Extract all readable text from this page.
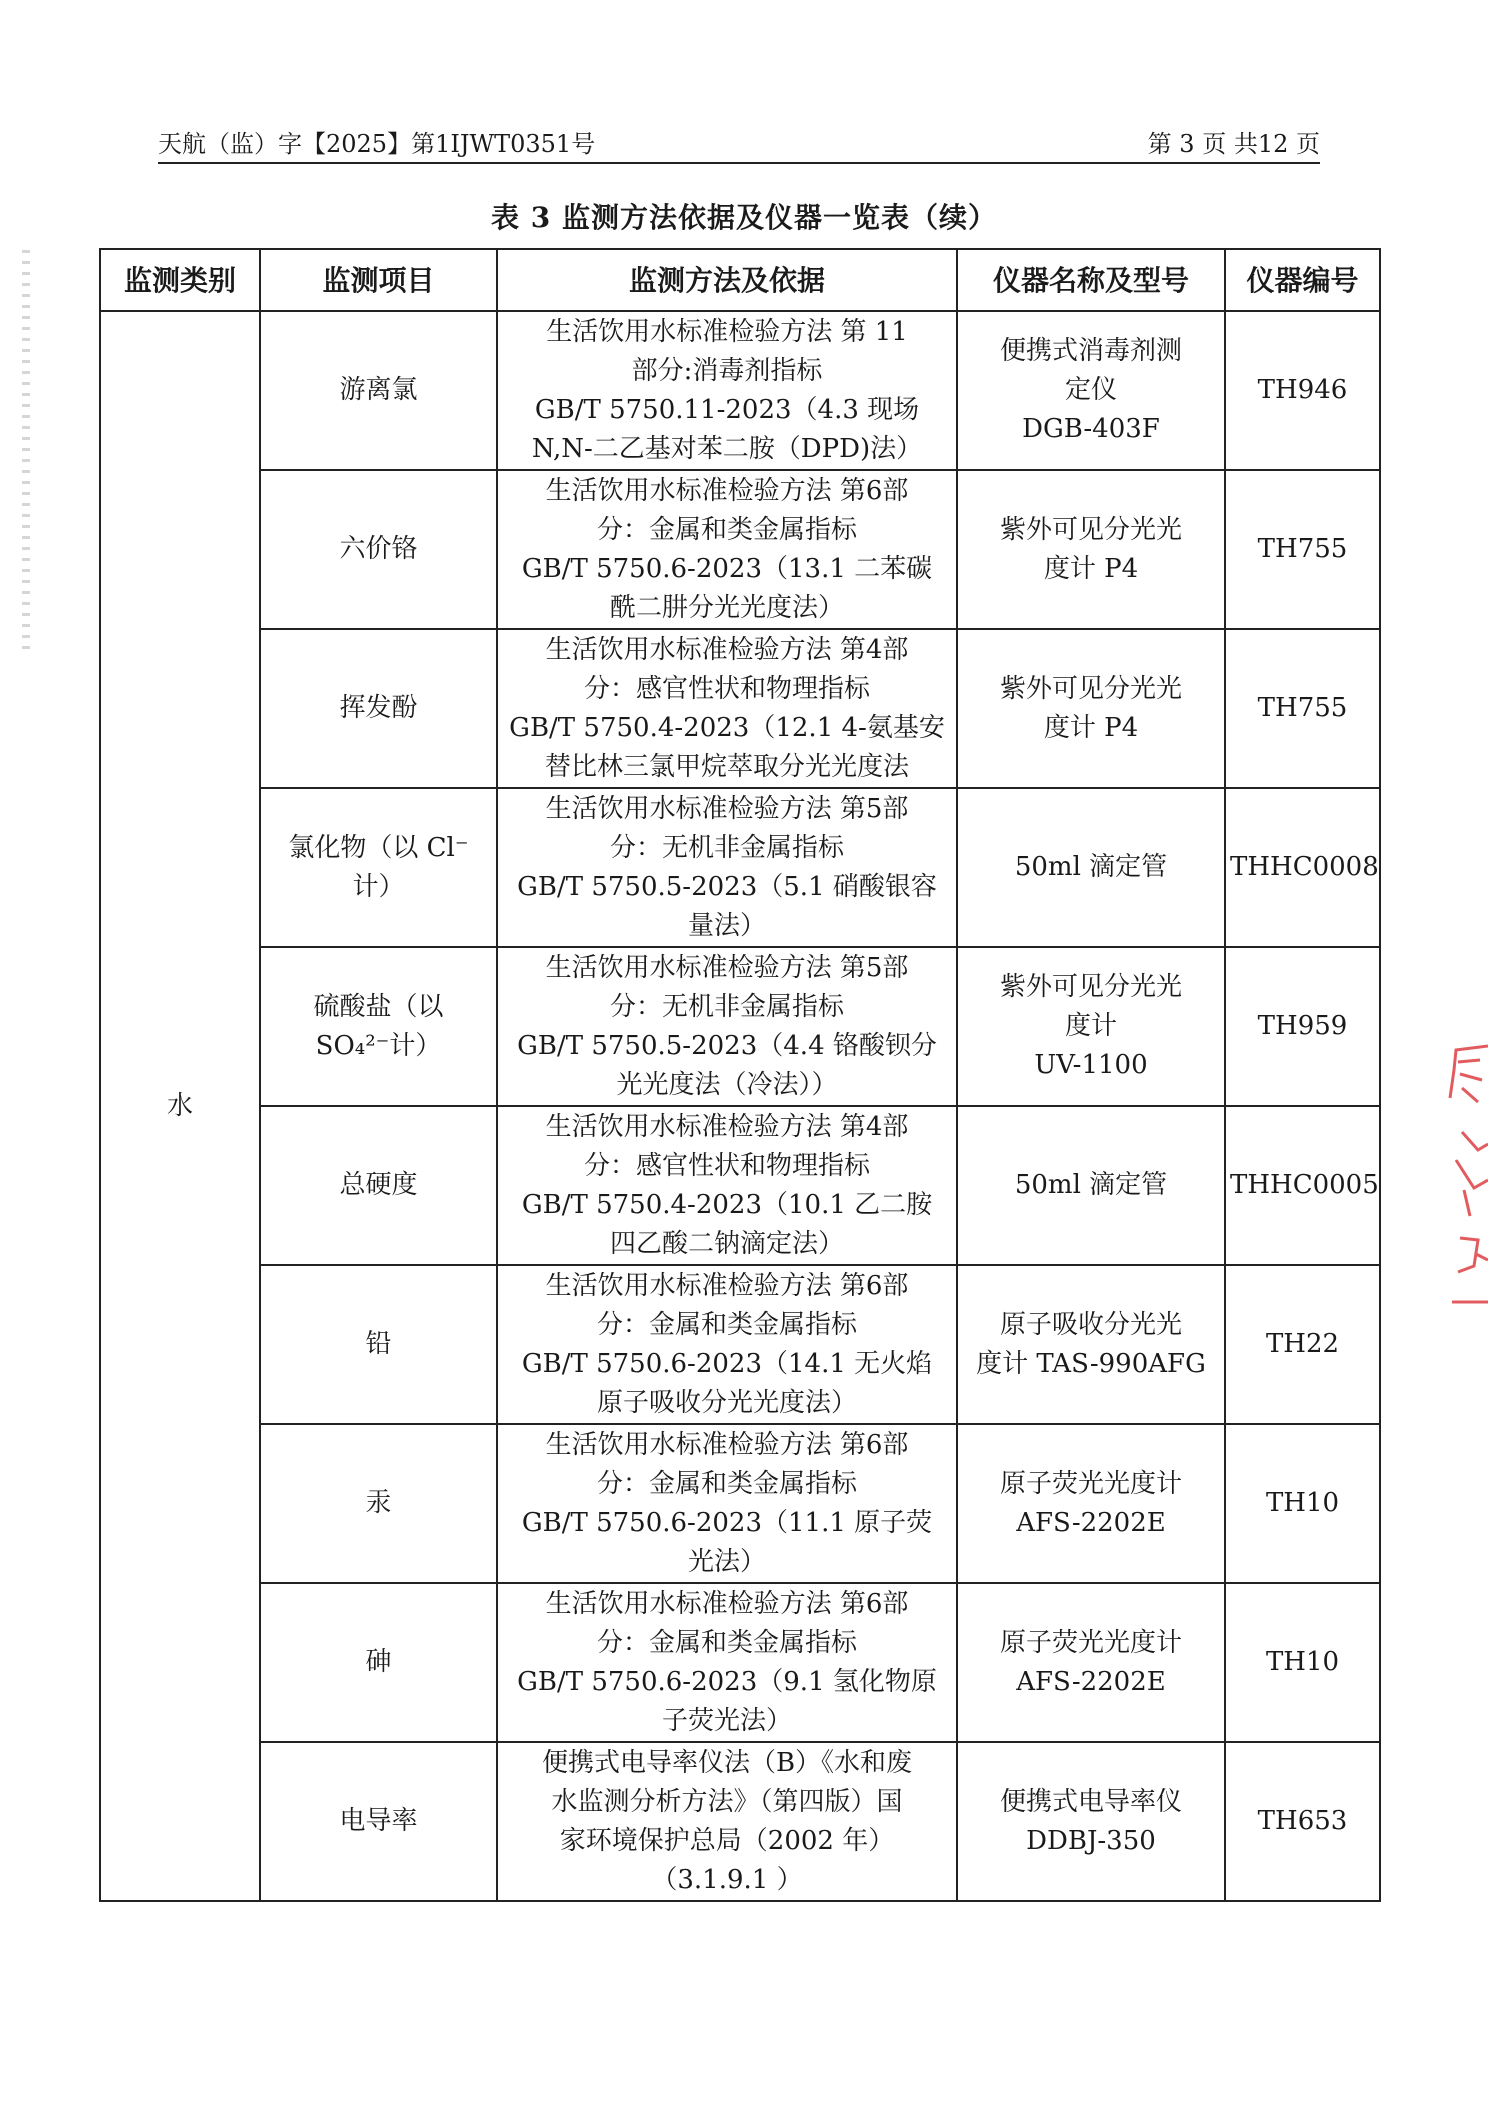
天航（监）字【2025】第1IJWT0351号	第 3 页 共12 页
表 3 监测方法依据及仪器一览表（续）
监测类别	监测项目	监测方法及依据	仪器名称及型号	仪器编号
水	游离氯	生活饮用水标准检验方法 第 11
部分:消毒剂指标
GB/T 5750.11-2023（4.3 现场
N,N-二乙基对苯二胺（DPD)法）	便携式消毒剂测
定仪
DGB-403F	TH946

	六价铬	生活饮用水标准检验方法 第6部
分：金属和类金属指标
GB/T 5750.6-2023（13.1 二苯碳
酰二肼分光光度法）	紫外可见分光光
度计 P4	TH755

	挥发酚	生活饮用水标准检验方法 第4部
分：感官性状和物理指标
GB/T 5750.4-2023（12.1 4-氨基安
替比林三氯甲烷萃取分光光度法	紫外可见分光光
度计 P4	TH755

	氯化物（以 Cl⁻
计）	生活饮用水标准检验方法 第5部
分：无机非金属指标
GB/T 5750.5-2023（5.1 硝酸银容
量法）	50ml 滴定管	THHC0008

	硫酸盐（以
SO₄²⁻计）	生活饮用水标准检验方法 第5部
分：无机非金属指标
GB/T 5750.5-2023（4.4 铬酸钡分
光光度法（冷法））	紫外可见分光光
度计
UV-1100	TH959

	总硬度	生活饮用水标准检验方法 第4部
分：感官性状和物理指标
GB/T 5750.4-2023（10.1 乙二胺
四乙酸二钠滴定法）	50ml 滴定管	THHC0005

	铅	生活饮用水标准检验方法 第6部
分：金属和类金属指标
GB/T 5750.6-2023（14.1 无火焰
原子吸收分光光度法）	原子吸收分光光
度计 TAS-990AFG	TH22

	汞	生活饮用水标准检验方法 第6部
分：金属和类金属指标
GB/T 5750.6-2023（11.1 原子荧
光法）	原子荧光光度计
AFS-2202E	TH10

	砷	生活饮用水标准检验方法 第6部
分：金属和类金属指标
GB/T 5750.6-2023（9.1 氢化物原
子荧光法）	原子荧光光度计
AFS-2202E	TH10

	电导率	便携式电导率仪法（B）《水和废
水监测分析方法》（第四版）国
家环境保护总局（2002 年）
（3.1.9.1 ）	便携式电导率仪
DDBJ-350	TH653
